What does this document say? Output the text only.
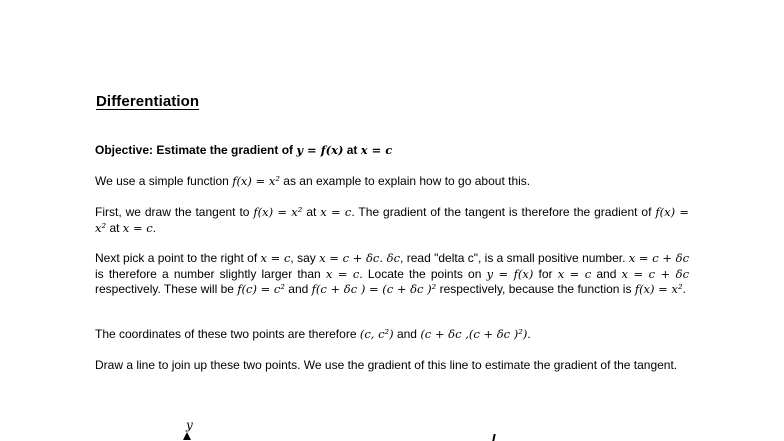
Differentiation
Objective: Estimate the gradient of y = f(x) at x = c
We use a simple function f(x) = x² as an example to explain how to go about this.
First, we draw the tangent to f(x) = x² at x = c. The gradient of the tangent is therefore the gradient of f(x) = x² at x = c.
Next pick a point to the right of x = c, say x = c + δc. δc, read "delta c", is a small positive number. x = c + δc is therefore a number slightly larger than x = c. Locate the points on y = f(x) for x = c and x = c + δc respectively. These will be f(c) = c² and f(c + δc ) = (c + δc )² respectively, because the function is f(x) = x².
The coordinates of these two points are therefore (c, c²) and (c + δc ,(c + δc )²).
Draw a line to join up these two points. We use the gradient of this line to estimate the gradient of the tangent.
y
